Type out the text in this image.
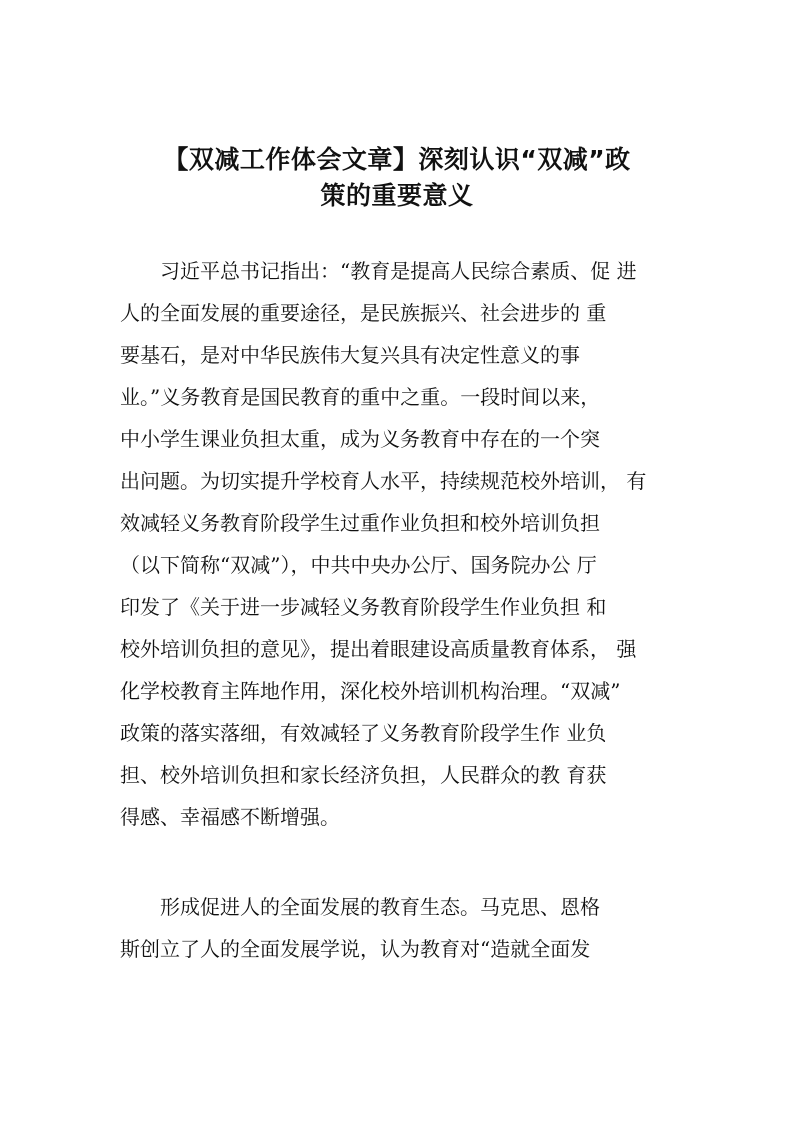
【双减工作体会文章】深刻认识“双减”政
策的重要意义

习近平总书记指出：“教育是提高人民综合素质、促 进

人的全面发展的重要途径，是民族振兴、社会进步的 重

要基石，是对中华民族伟大复兴具有决定性意义的事

业。”义务教育是国民教育的重中之重。一段时间以来，

中小学生课业负担太重，成为义务教育中存在的一个突

出问题。为切实提升学校育人水平，持续规范校外培训， 有

效减轻义务教育阶段学生过重作业负担和校外培训负担

（以下简称“双减”），中共中央办公厅、国务院办公 厅

印发了《关于进一步减轻义务教育阶段学生作业负担 和

校外培训负担的意见》，提出着眼建设高质量教育体系， 强

化学校教育主阵地作用，深化校外培训机构治理。“双减”

政策的落实落细，有效减轻了义务教育阶段学生作 业负

担、校外培训负担和家长经济负担，人民群众的教 育获

得感、幸福感不断增强。

形成促进人的全面发展的教育生态。马克思、恩格

斯创立了人的全面发展学说，认为教育对“造就全面发
